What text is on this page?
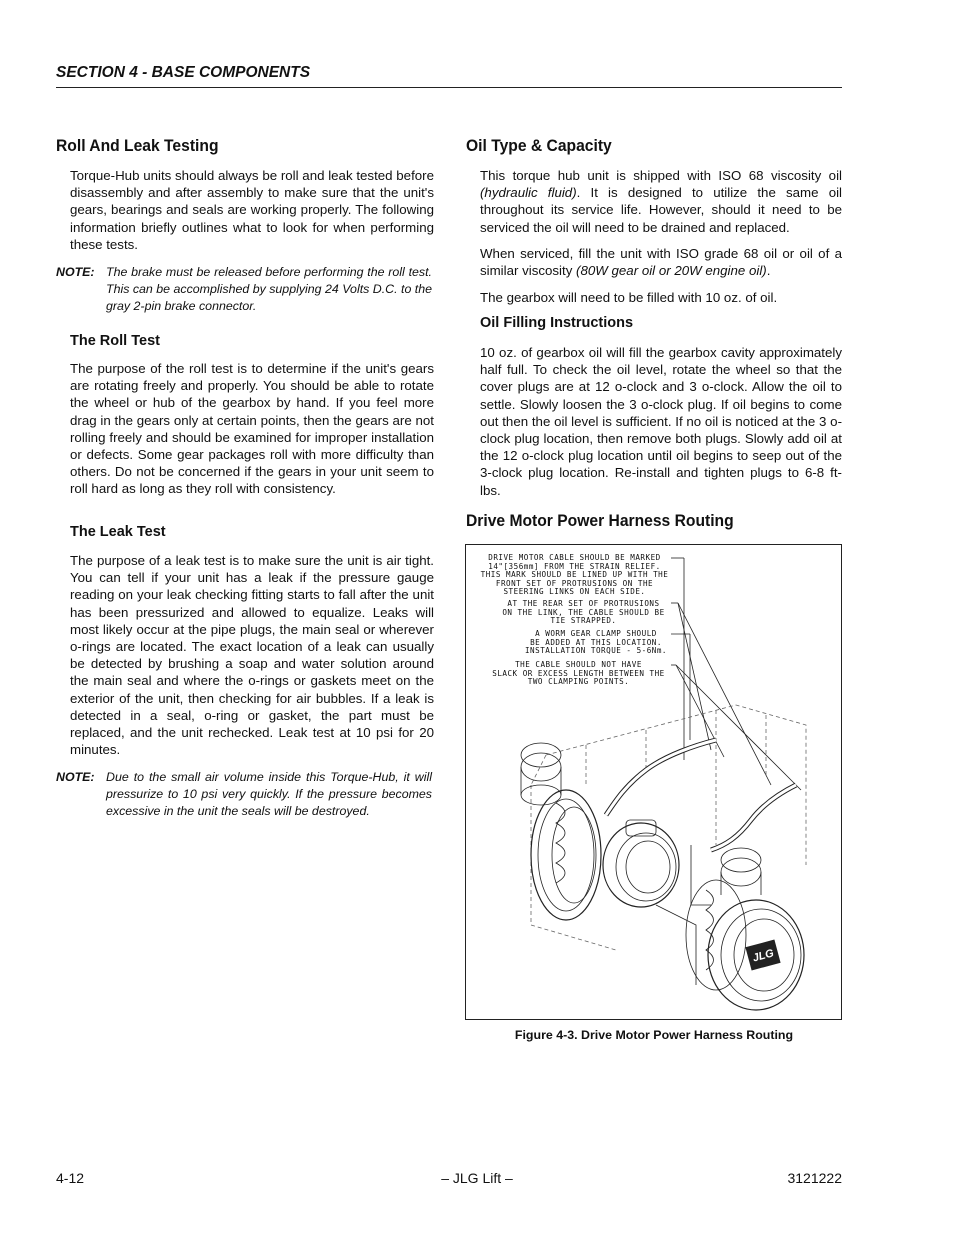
SECTION 4 - BASE COMPONENTS
Roll And Leak Testing

Torque-Hub units should always be roll and leak tested before disassembly and after assembly to make sure that the unit's gears, bearings and seals are working properly. The following information briefly outlines what to look for when performing these tests.

NOTE: The brake must be released before performing the roll test. This can be accomplished by supplying 24 Volts D.C. to the gray 2-pin brake connector.
The Roll Test

The purpose of the roll test is to determine if the unit's gears are rotating freely and properly. You should be able to rotate the wheel or hub of the gearbox by hand. If you feel more drag in the gears only at certain points, then the gears are not rolling freely and should be examined for improper installation or defects. Some gear packages roll with more difficulty than others. Do not be concerned if the gears in your unit seem to roll hard as long as they roll with consistency.

The Leak Test

The purpose of a leak test is to make sure the unit is air tight. You can tell if your unit has a leak if the pressure gauge reading on your leak checking fitting starts to fall after the unit has been pressurized and allowed to equalize. Leaks will most likely occur at the pipe plugs, the main seal or wherever o-rings are located. The exact location of a leak can usually be detected by brushing a soap and water solution around the main seal and where the o-rings or gaskets meet on the exterior of the unit, then checking for air bubbles. If a leak is detected in a seal, o-ring or gasket, the part must be replaced, and the unit rechecked. Leak test at 10 psi for 20 minutes.

NOTE: Due to the small air volume inside this Torque-Hub, it will pressurize to 10 psi very quickly. If the pressure becomes excessive in the unit the seals will be destroyed.
Oil Type & Capacity

This torque hub unit is shipped with ISO 68 viscosity oil (hydraulic fluid). It is designed to utilize the same oil throughout its service life. However, should it need to be serviced the oil will need to be drained and replaced.

When serviced, fill the unit with ISO grade 68 oil or oil of a similar viscosity (80W gear oil or 20W engine oil).

The gearbox will need to be filled with 10 oz. of oil.

Oil Filling Instructions

10 oz. of gearbox oil will fill the gearbox cavity approximately half full. To check the oil level, rotate the wheel so that the cover plugs are at 12 o-clock and 3 o-clock. Allow the oil to settle. Slowly loosen the 3 o-clock plug. If oil begins to come out then the oil level is sufficient. If no oil is noticed at the 3 o-clock plug location, then remove both plugs. Slowly add oil at the 12 o-clock plug location until oil begins to seep out of the 3-clock plug location. Re-install and tighten plugs to 6-8 ft-lbs.

Drive Motor Power Harness Routing
DRIVE MOTOR CABLE SHOULD BE MARKED
14"[356mm] FROM THE STRAIN RELIEF.
THIS MARK SHOULD BE LINED UP WITH THE
FRONT SET OF PROTRUSIONS ON THE
STEERING LINKS ON EACH SIDE.
AT THE REAR SET OF PROTRUSIONS
ON THE LINK, THE CABLE SHOULD BE
TIE STRAPPED.
A WORM GEAR CLAMP SHOULD
BE ADDED AT THIS LOCATION.
INSTALLATION TORQUE - 5-6Nm.
THE CABLE SHOULD NOT HAVE
SLACK OR EXCESS LENGTH BETWEEN THE
TWO CLAMPING POINTS.
JLG
Figure 4-3. Drive Motor Power Harness Routing
4-12	– JLG Lift –	3121222
